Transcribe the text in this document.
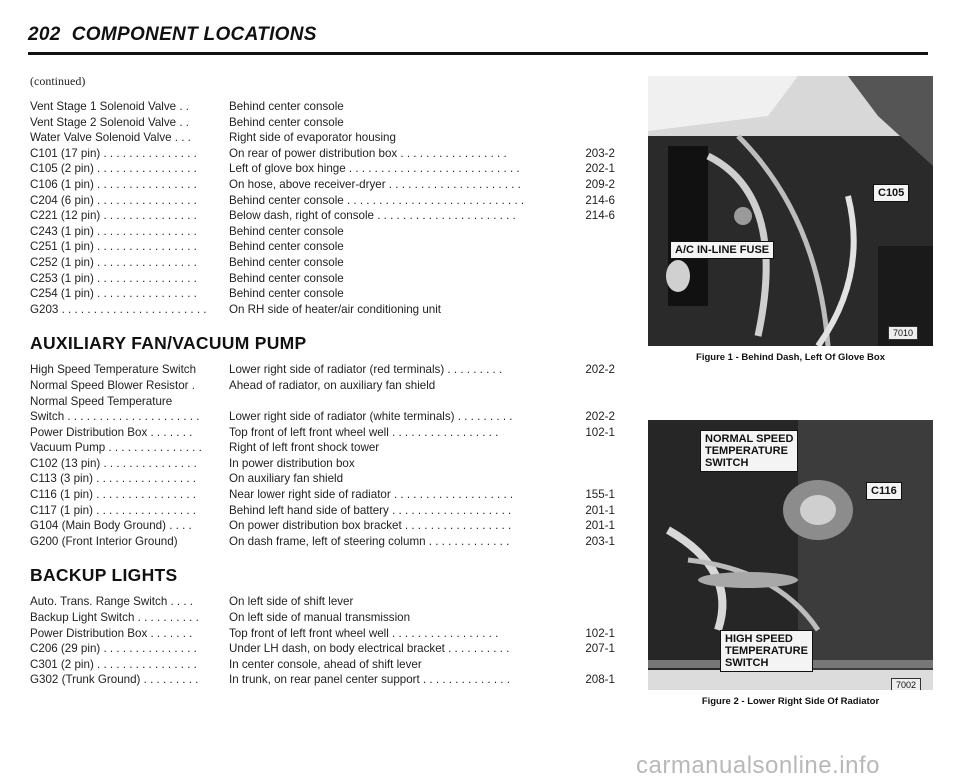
202 COMPONENT LOCATIONS
(continued)
Vent Stage 1 Solenoid Valve . .	Behind center console
Vent Stage 2 Solenoid Valve . .	Behind center console
Water Valve Solenoid Valve . . .	Right side of evaporator housing
C101 (17 pin) . . . . . . . . . . . . . . .	On rear of power distribution box . . . . . . . . . . . . . . . . .	203-2
C105 (2 pin) . . . . . . . . . . . . . . . .	Left of glove box hinge . . . . . . . . . . . . . . . . . . . . . . . . . . .	202-1
C106 (1 pin) . . . . . . . . . . . . . . . .	On hose, above receiver-dryer . . . . . . . . . . . . . . . . . . . . .	209-2
C204 (6 pin) . . . . . . . . . . . . . . . .	Behind center console . . . . . . . . . . . . . . . . . . . . . . . . . . . .	214-6
C221 (12 pin) . . . . . . . . . . . . . . .	Below dash, right of console . . . . . . . . . . . . . . . . . . . . . .	214-6
C243 (1 pin) . . . . . . . . . . . . . . . .	Behind center console
C251 (1 pin) . . . . . . . . . . . . . . . .	Behind center console
C252 (1 pin) . . . . . . . . . . . . . . . .	Behind center console
C253 (1 pin) . . . . . . . . . . . . . . . .	Behind center console
C254 (1 pin) . . . . . . . . . . . . . . . .	Behind center console
G203 . . . . . . . . . . . . . . . . . . . . . . .	On RH side of heater/air conditioning unit
AUXILIARY FAN/VACUUM PUMP
High Speed Temperature Switch	Lower right side of radiator (red terminals) . . . . . . . . .	202-2
Normal Speed Blower Resistor .	Ahead of radiator, on auxiliary fan shield
Normal Speed Temperature
Switch . . . . . . . . . . . . . . . . . . . . .	Lower right side of radiator (white terminals) . . . . . . . . .	202-2
Power Distribution Box . . . . . . .	Top front of left front wheel well . . . . . . . . . . . . . . . . .	102-1
Vacuum Pump . . . . . . . . . . . . . . .	Right of left front shock tower
C102 (13 pin) . . . . . . . . . . . . . . .	In power distribution box
C113 (3 pin) . . . . . . . . . . . . . . . .	On auxiliary fan shield
C116 (1 pin) . . . . . . . . . . . . . . . .	Near lower right side of radiator . . . . . . . . . . . . . . . . . . .	155-1
C117 (1 pin) . . . . . . . . . . . . . . . .	Behind left hand side of battery . . . . . . . . . . . . . . . . . . .	201-1
G104 (Main Body Ground) . . . .	On power distribution box bracket . . . . . . . . . . . . . . . . .	201-1
G200 (Front Interior Ground)	On dash frame, left of steering column . . . . . . . . . . . . .	203-1
BACKUP LIGHTS
Auto. Trans. Range Switch . . . .	On left side of shift lever
Backup Light Switch . . . . . . . . . .	On left side of manual transmission
Power Distribution Box . . . . . . .	Top front of left front wheel well . . . . . . . . . . . . . . . . .	102-1
C206 (29 pin) . . . . . . . . . . . . . . .	Under LH dash, on body electrical bracket . . . . . . . . . .	207-1
C301 (2 pin) . . . . . . . . . . . . . . . .	In center console, ahead of shift lever
G302 (Trunk Ground) . . . . . . . . .	In trunk, on rear panel center support . . . . . . . . . . . . . .	208-1
C105
A/C IN-LINE FUSE
7010
Figure 1 - Behind Dash, Left Of Glove Box
NORMAL SPEED
TEMPERATURE
SWITCH
C116
HIGH SPEED
TEMPERATURE
SWITCH
7002
Figure 2 - Lower Right Side Of Radiator
carmanualsonline.info
